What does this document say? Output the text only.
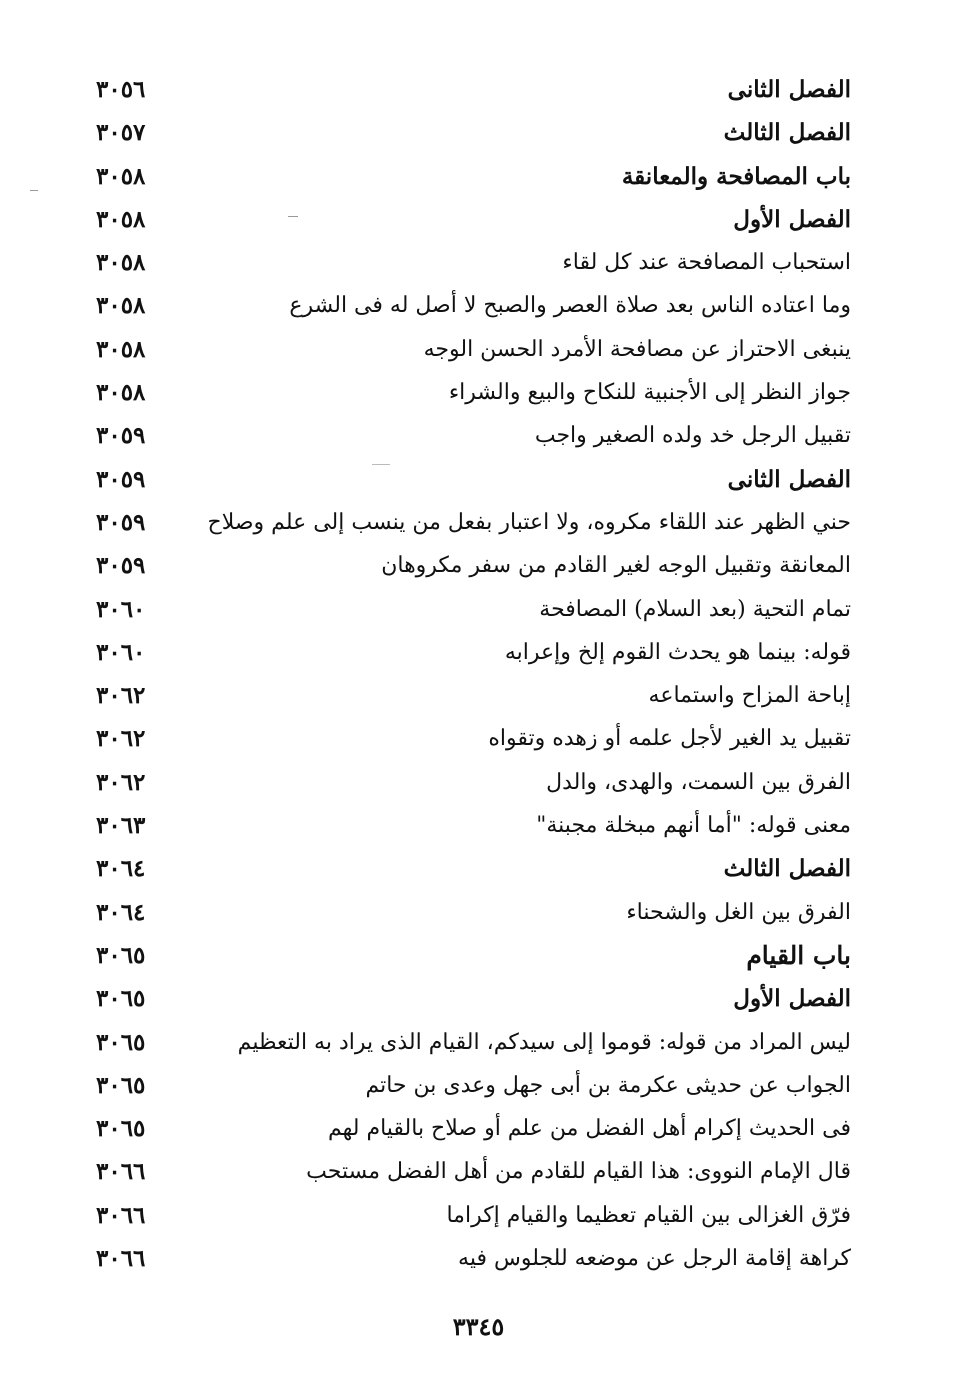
الفصل الثانى
٣٠٥٦
الفصل الثالث
٣٠٥٧
باب المصافحة والمعانقة
٣٠٥٨
الفصل الأول
٣٠٥٨
استحباب المصافحة عند كل لقاء
٣٠٥٨
وما اعتاده الناس بعد صلاة العصر والصبح لا أصل له فى الشرع
٣٠٥٨
ينبغى الاحتراز عن مصافحة الأمرد الحسن الوجه
٣٠٥٨
جواز النظر إلى الأجنبية للنكاح والبيع والشراء
٣٠٥٨
تقبيل الرجل خد ولده الصغير واجب
٣٠٥٩
الفصل الثانى
٣٠٥٩
حني الظهر عند اللقاء مكروه، ولا اعتبار بفعل من ينسب إلى علم وصلاح
٣٠٥٩
المعانقة وتقبيل الوجه لغير القادم من سفر مكروهان
٣٠٥٩
تمام التحية (بعد السلام) المصافحة
٣٠٦٠
قوله: بينما هو يحدث القوم إلخ وإعرابه
٣٠٦٠
إباحة المزاح واستماعه
٣٠٦٢
تقبيل يد الغير لأجل علمه أو زهده وتقواه
٣٠٦٢
الفرق بين السمت، والهدى، والدل
٣٠٦٢
معنى قوله: "أما أنهم مبخلة مجبنة"
٣٠٦٣
الفصل الثالث
٣٠٦٤
الفرق بين الغل والشحناء
٣٠٦٤
باب القيام
٣٠٦٥
الفصل الأول
٣٠٦٥
ليس المراد من قوله: قوموا إلى سيدكم، القيام الذى يراد به التعظيم
٣٠٦٥
الجواب عن حديثى عكرمة بن أبى جهل وعدى بن حاتم
٣٠٦٥
فى الحديث إكرام أهل الفضل من علم أو صلاح بالقيام لهم
٣٠٦٥
قال الإمام النووى: هذا القيام للقادم من أهل الفضل مستحب
٣٠٦٦
فرّق الغزالى بين القيام تعظيما والقيام إكراما
٣٠٦٦
كراهة إقامة الرجل عن موضعه للجلوس فيه
٣٠٦٦
٣٣٤٥
